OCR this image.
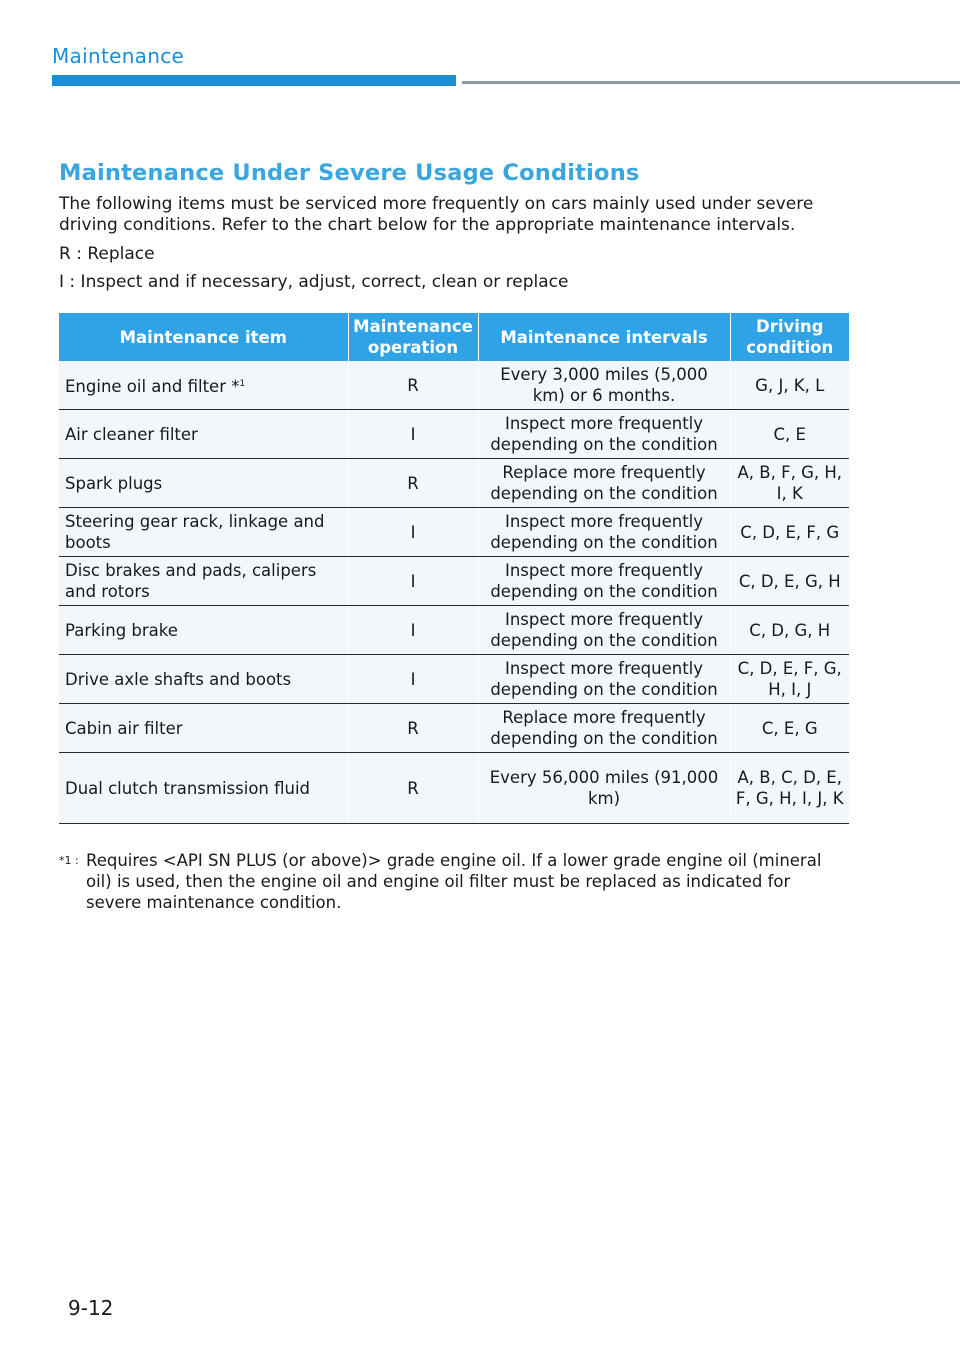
Maintenance
Maintenance Under Severe Usage Conditions

The following items must be serviced more frequently on cars mainly used under severe driving conditions. Refer to the chart below for the appropriate maintenance intervals.

R : Replace

I : Inspect and if necessary, adjust, correct, clean or replace

Maintenance item	Maintenance operation	Maintenance intervals	Driving condition
Engine oil and filter *$^1$	R	Every 3,000 miles (5,000 km) or 6 months.	G, J, K, L
Air cleaner filter	I	Inspect more frequently depending on the condition	C, E
Spark plugs	R	Replace more frequently depending on the condition	A, B, F, G, H, I, K
Steering gear rack, linkage and boots	I	Inspect more frequently depending on the condition	C, D, E, F, G
Disc brakes and pads, calipers and rotors	I	Inspect more frequently depending on the condition	C, D, E, G, H
Parking brake	I	Inspect more frequently depending on the condition	C, D, G, H
Drive axle shafts and boots	I	Inspect more frequently depending on the condition	C, D, E, F, G, H, I, J
Cabin air filter	R	Replace more frequently depending on the condition	C, E, G
Dual clutch transmission fluid	R	Every 56,000 miles (91,000 km)	A, B, C, D, E, F, G, H, I, J, K
*1 : Requires <API SN PLUS (or above)> grade engine oil. If a lower grade engine oil (mineral oil) is used, then the engine oil and engine oil filter must be replaced as indicated for severe maintenance condition.
9-12
